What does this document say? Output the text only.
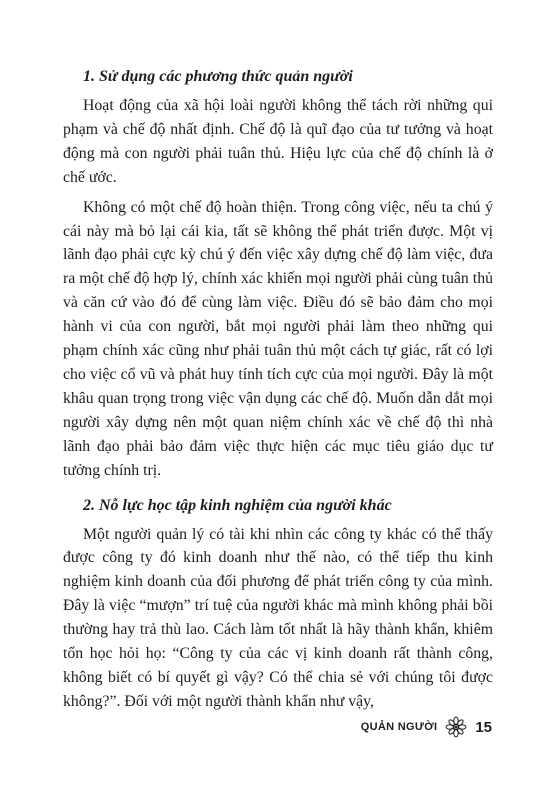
1. Sử dụng các phương thức quản người

Hoạt động của xã hội loài người không thể tách rời những qui phạm và chế độ nhất định. Chế độ là quĩ đạo của tư tưởng và hoạt động mà con người phải tuân thủ. Hiệu lực của chế độ chính là ở chế ước.

Không có một chế độ hoàn thiện. Trong công việc, nếu ta chú ý cái này mà bỏ lại cái kia, tất sẽ không thể phát triển được. Một vị lãnh đạo phải cực kỳ chú ý đến việc xây dựng chế độ làm việc, đưa ra một chế độ hợp lý, chính xác khiến mọi người phải cùng tuân thủ và căn cứ vào đó để cùng làm việc. Điều đó sẽ bảo đảm cho mọi hành vi của con người, bắt mọi người phải làm theo những qui phạm chính xác cũng như phải tuân thủ một cách tự giác, rất có lợi cho việc cổ vũ và phát huy tính tích cực của mọi người. Đây là một khâu quan trọng trong việc vận dụng các chế độ. Muốn dẫn dắt mọi người xây dựng nên một quan niệm chính xác về chế độ thì nhà lãnh đạo phải bảo đảm việc thực hiện các mục tiêu giáo dục tư tưởng chính trị.

2. Nỗ lực học tập kinh nghiệm của người khác

Một người quản lý có tài khi nhìn các công ty khác có thể thấy được công ty đó kinh doanh như thế nào, có thể tiếp thu kinh nghiệm kinh doanh của đối phương để phát triển công ty của mình. Đây là việc “mượn” trí tuệ của người khác mà mình không phải bồi thường hay trả thù lao. Cách làm tốt nhất là hãy thành khẩn, khiêm tốn học hỏi họ: “Công ty của các vị kinh doanh rất thành công, không biết có bí quyết gì vậy? Có thể chia sẻ với chúng tôi được không?”. Đối với một người thành khẩn như vậy,

QUẢN NGƯỜI	15
